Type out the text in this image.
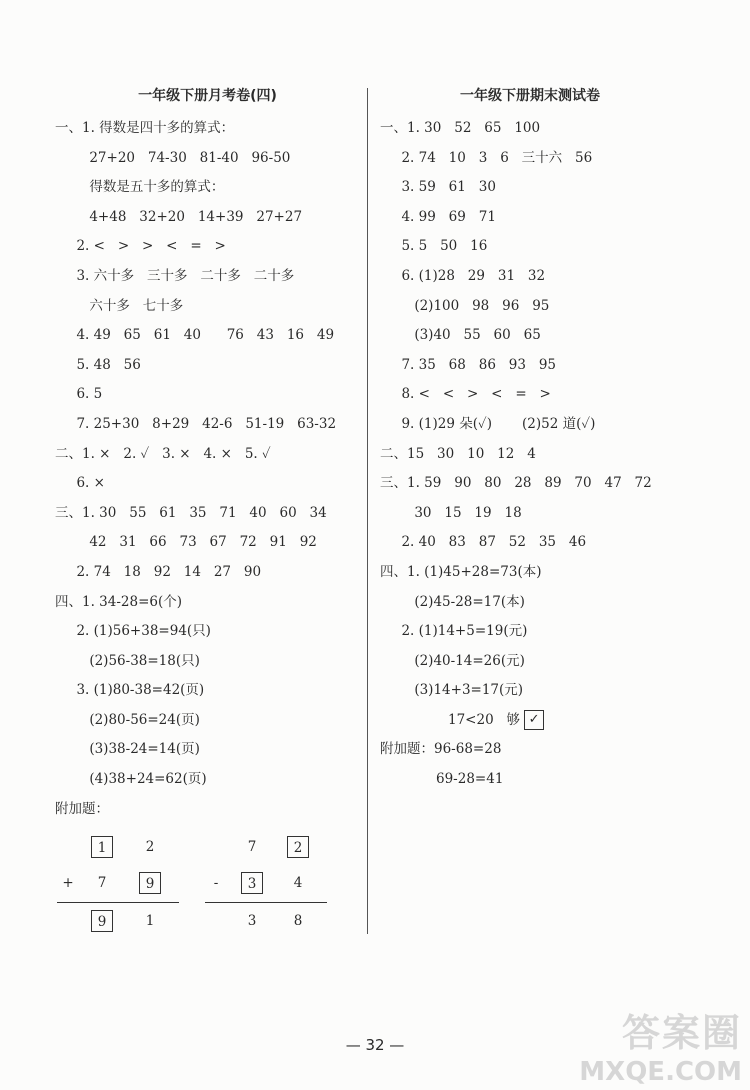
一年级下册月考卷(四)
一、1. 得数是四十多的算式：
27+20   74-30   81-40   96-50
得数是五十多的算式：
4+48   32+20   14+39   27+27
2. <   >   >   <   =   >
3. 六十多   三十多   二十多   二十多
六十多   七十多
4. 49   65   61   40      76   43   16   49
5. 48   56
6. 5
7. 25+30   8+29   42-6   51-19   63-32
二、1. ×   2. ✓   3. ×   4. ×   5. ✓
6. ×
三、1. 30   55   61   35   71   40   60   34
42   31   66   73   67   72   91   92
2. 74   18   92   14   27   90
四、1. 34-28=6(个)
2. (1)56+38=94(只)
(2)56-38=18(只)
3. (1)80-38=42(页)
(2)80-56=24(页)
(3)38-24=14(页)
(4)38+24=62(页)
附加题：
1	2
+	7	9
9	1
7	2
-	3	4
3	8
一年级下册期末测试卷
一、1. 30   52   65   100
2. 74   10   3   6   三十六   56
3. 59   61   30
4. 99   69   71
5. 5   50   16
6. (1)28   29   31   32
(2)100   98   96   95
(3)40   55   60   65
7. 35   68   86   93   95
8. <   <   >   <   =   >
9. (1)29 朵(✓)       (2)52 道(✓)
二、15   30   10   12   4
三、1. 59   90   80   28   89   70   47   72
30   15   19   18
2. 40   83   87   52   35   46
四、1. (1)45+28=73(本)
(2)45-28=17(本)
2. (1)14+5=19(元)
(2)40-14=26(元)
(3)14+3=17(元)
17<20   够 ✓
附加题：96-68=28
69-28=41
— 32 —	答案圈
MXQE.COM
